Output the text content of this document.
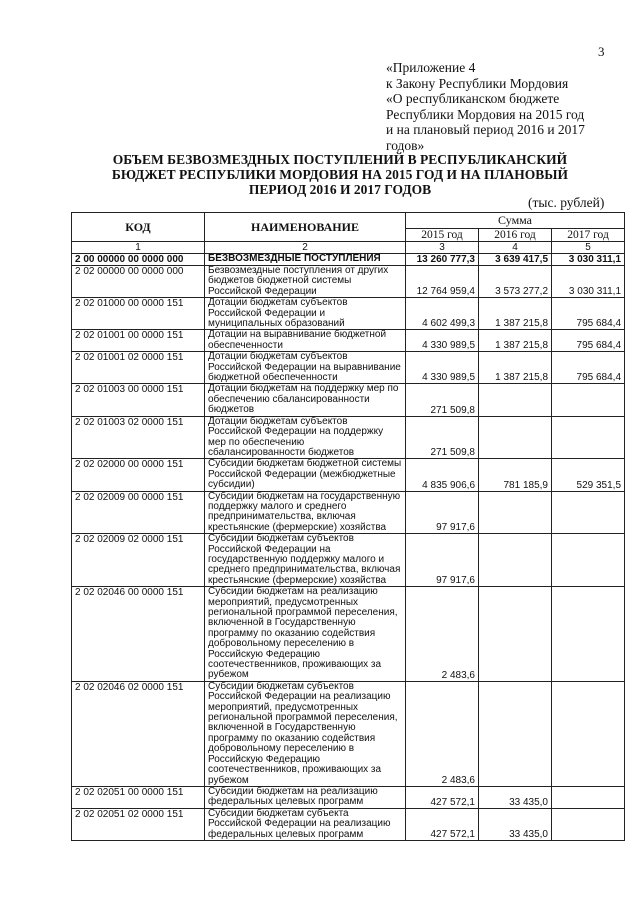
3
«Приложение 4
к Закону Республики Мордовия
«О республиканском бюджете
Республики Мордовия на 2015 год
и на плановый период 2016 и 2017
годов»
ОБЪЕМ БЕЗВОЗМЕЗДНЫХ ПОСТУПЛЕНИЙ В РЕСПУБЛИКАНСКИЙ БЮДЖЕТ РЕСПУБЛИКИ МОРДОВИЯ НА 2015 ГОД И НА ПЛАНОВЫЙ ПЕРИОД 2016 И 2017 ГОДОВ
(тыс. рублей)
КОД	НАИМЕНОВАНИЕ	Сумма		
		2015 год	2016 год	2017 год
1	2	3	4	5
2 00 00000 00 0000 000	БЕЗВОЗМЕЗДНЫЕ ПОСТУПЛЕНИЯ	13 260 777,3	3 639 417,5	3 030 311,1
2 02 00000 00 0000 000	Безвозмездные поступления от других бюджетов бюджетной системы Российской Федерации	12 764 959,4	3 573 277,2	3 030 311,1
2 02 01000 00 0000 151	Дотации бюджетам субъектов Российской Федерации и муниципальных образований	4 602 499,3	1 387 215,8	795 684,4
2 02 01001 00 0000 151	Дотации на выравнивание бюджетной обеспеченности	4 330 989,5	1 387 215,8	795 684,4
2 02 01001 02 0000 151	Дотации бюджетам субъектов Российской Федерации на выравнивание бюджетной обеспеченности	4 330 989,5	1 387 215,8	795 684,4
2 02 01003 00 0000 151	Дотации бюджетам на поддержку мер по обеспечению сбалансированности бюджетов	271 509,8		
2 02 01003 02 0000 151	Дотации бюджетам субъектов Российской Федерации на поддержку мер по обеспечению сбалансированности бюджетов	271 509,8		
2 02 02000 00 0000 151	Субсидии бюджетам бюджетной системы Российской Федерации (межбюджетные субсидии)	4 835 906,6	781 185,9	529 351,5
2 02 02009 00 0000 151	Субсидии бюджетам на государственную поддержку малого и среднего предпринимательства, включая крестьянские (фермерские) хозяйства	97 917,6		
2 02 02009 02 0000 151	Субсидии бюджетам субъектов Российской Федерации на государственную поддержку малого и среднего предпринимательства, включая крестьянские (фермерские) хозяйства	97 917,6		
2 02 02046 00 0000 151	Субсидии бюджетам на реализацию мероприятий, предусмотренных региональной программой переселения, включенной в Государственную программу по оказанию содействия добровольному переселению в Российскую Федерацию соотечественников, проживающих за рубежом	2 483,6		
2 02 02046 02 0000 151	Субсидии бюджетам субъектов Российской Федерации на реализацию мероприятий, предусмотренных региональной программой переселения, включенной в Государственную программу по оказанию содействия добровольному переселению в Российскую Федерацию соотечественников, проживающих за рубежом	2 483,6		
2 02 02051 00 0000 151	Субсидии бюджетам на реализацию федеральных целевых программ	427 572,1	33 435,0	
2 02 02051 02 0000 151	Субсидии бюджетам субъекта Российской Федерации на реализацию федеральных целевых программ	427 572,1	33 435,0	
